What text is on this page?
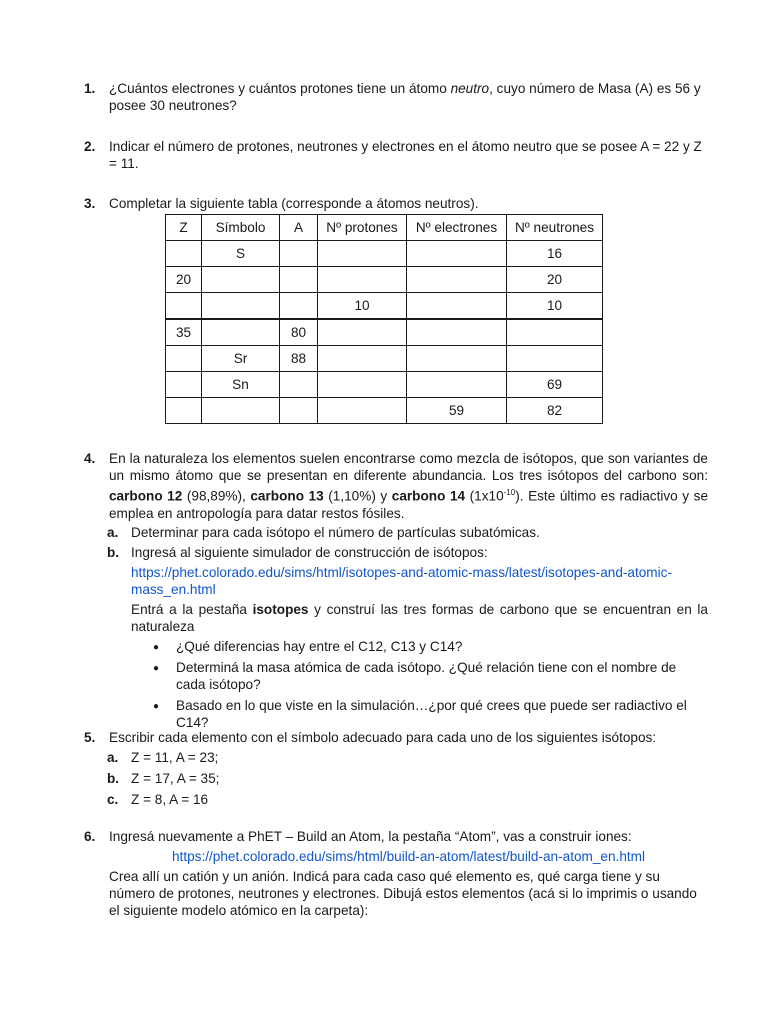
1. ¿Cuántos electrones y cuántos protones tiene un átomo neutro, cuyo número de Masa (A) es 56 y posee 30 neutrones?
2. Indicar el número de protones, neutrones y electrones en el átomo neutro que se posee A = 22 y Z = 11.
3. Completar la siguiente tabla (corresponde a átomos neutros).
Z	Símbolo	A	Nº protones	Nº electrones	Nº neutrones
	S				16
20					20
			10		10
35		80			
	Sr	88			
	Sn				69
				59	82
4. En la naturaleza los elementos suelen encontrarse como mezcla de isótopos, que son variantes de un mismo átomo que se presentan en diferente abundancia. Los tres isótopos del carbono son: carbono 12 (98,89%), carbono 13 (1,10%) y carbono 14 $(1x10^{-10})$. Este último es radiactivo y se emplea en antropología para datar restos fósiles.
a. Determinar para cada isótopo el número de partículas subatómicas.
b. Ingresá al siguiente simulador de construcción de isótopos:
https://phet.colorado.edu/sims/html/isotopes-and-atomic-mass/latest/isotopes-and-atomic-mass_en.html
Entrá a la pestaña isotopes y construí las tres formas de carbono que se encuentran en la naturaleza
● ¿Qué diferencias hay entre el C12, C13 y C14?
● Determiná la masa atómica de cada isótopo. ¿Qué relación tiene con el nombre de cada isótopo?
● Basado en lo que viste en la simulación…¿por qué crees que puede ser radiactivo el C14?
5. Escribir cada elemento con el símbolo adecuado para cada uno de los siguientes isótopos:
a. Z = 11, A = 23;
b. Z = 17, A = 35;
c. Z = 8, A = 16
6. Ingresá nuevamente a PhET – Build an Atom, la pestaña “Atom”, vas a construir iones:
https://phet.colorado.edu/sims/html/build-an-atom/latest/build-an-atom_en.html
Crea allí un catión y un anión. Indicá para cada caso qué elemento es, qué carga tiene y su número de protones, neutrones y electrones. Dibujá estos elementos (acá si lo imprimis o usando el siguiente modelo atómico en la carpeta):
